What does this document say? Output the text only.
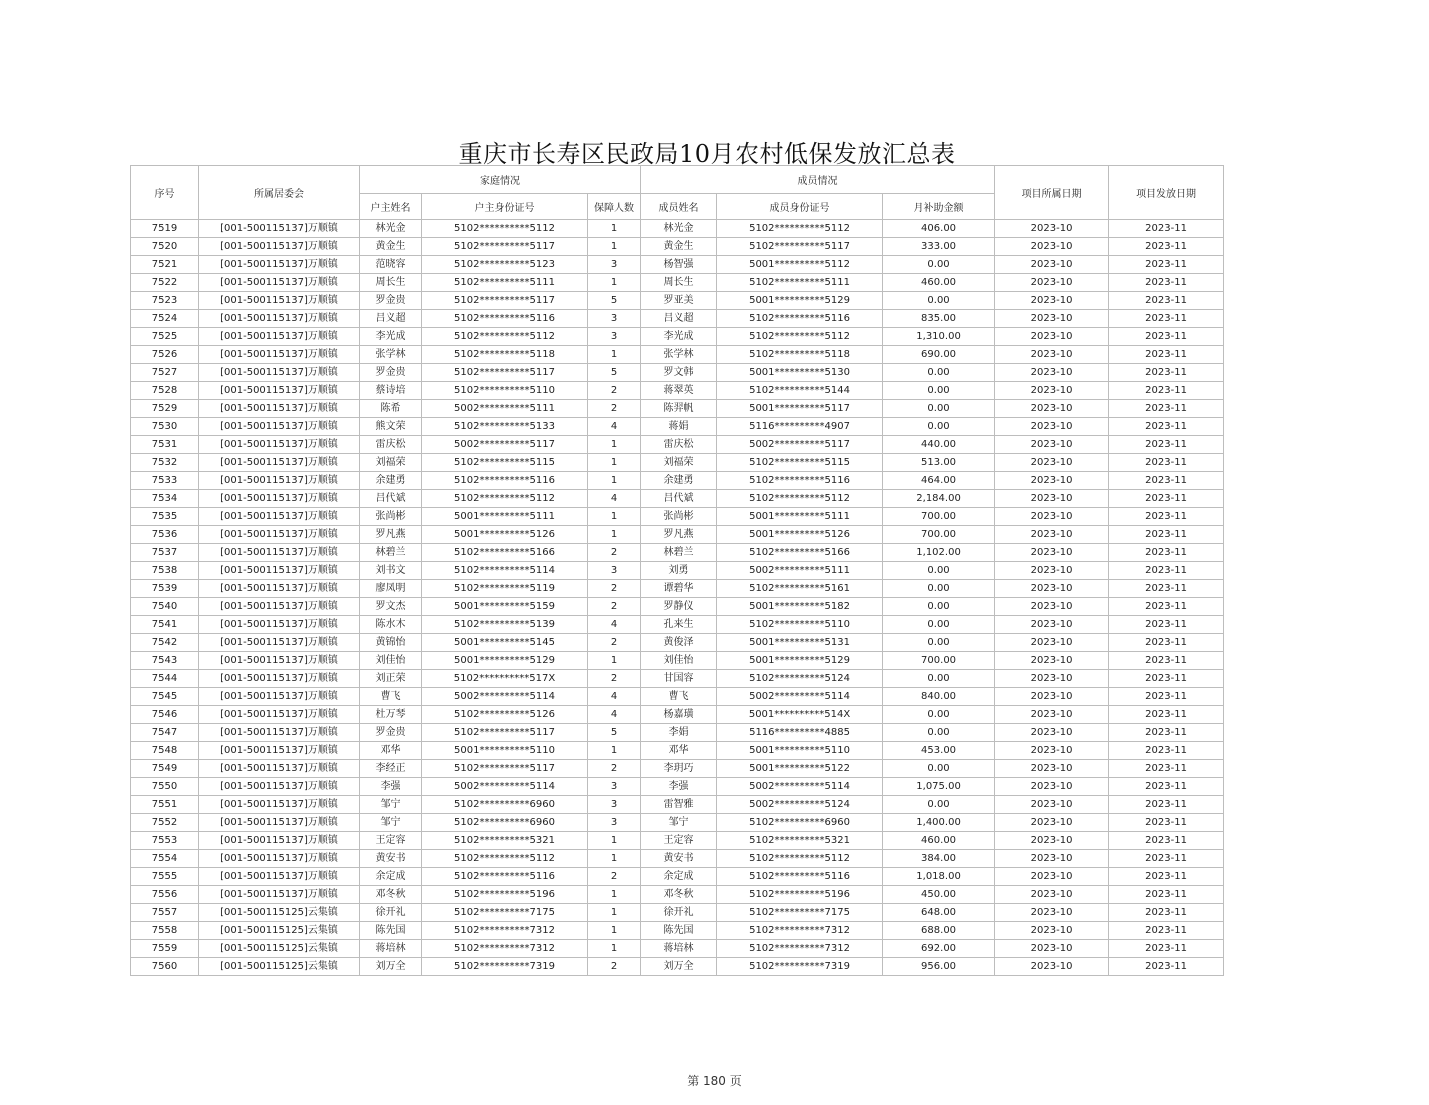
重庆市长寿区民政局10月农村低保发放汇总表
序号	所属居委会	家庭情况			成员情况			项目所属日期	项目发放日期
		户主姓名	户主身份证号	保障人数	成员姓名	成员身份证号	月补助金额		
7519	[001-500115137]万顺镇	林光金	5102**********5112	1	林光金	5102**********5112	406.00	2023-10	2023-11
7520	[001-500115137]万顺镇	黄金生	5102**********5117	1	黄金生	5102**********5117	333.00	2023-10	2023-11
7521	[001-500115137]万顺镇	范晓容	5102**********5123	3	杨智强	5001**********5112	0.00	2023-10	2023-11
7522	[001-500115137]万顺镇	周长生	5102**********5111	1	周长生	5102**********5111	460.00	2023-10	2023-11
7523	[001-500115137]万顺镇	罗金贵	5102**********5117	5	罗亚美	5001**********5129	0.00	2023-10	2023-11
7524	[001-500115137]万顺镇	吕义超	5102**********5116	3	吕义超	5102**********5116	835.00	2023-10	2023-11
7525	[001-500115137]万顺镇	李光成	5102**********5112	3	李光成	5102**********5112	1,310.00	2023-10	2023-11
7526	[001-500115137]万顺镇	张学林	5102**********5118	1	张学林	5102**********5118	690.00	2023-10	2023-11
7527	[001-500115137]万顺镇	罗金贵	5102**********5117	5	罗文韩	5001**********5130	0.00	2023-10	2023-11
7528	[001-500115137]万顺镇	蔡诗培	5102**********5110	2	蒋翠英	5102**********5144	0.00	2023-10	2023-11
7529	[001-500115137]万顺镇	陈希	5002**********5111	2	陈羿帆	5001**********5117	0.00	2023-10	2023-11
7530	[001-500115137]万顺镇	熊文荣	5102**********5133	4	蒋娟	5116**********4907	0.00	2023-10	2023-11
7531	[001-500115137]万顺镇	雷庆松	5002**********5117	1	雷庆松	5002**********5117	440.00	2023-10	2023-11
7532	[001-500115137]万顺镇	刘福荣	5102**********5115	1	刘福荣	5102**********5115	513.00	2023-10	2023-11
7533	[001-500115137]万顺镇	余建勇	5102**********5116	1	余建勇	5102**********5116	464.00	2023-10	2023-11
7534	[001-500115137]万顺镇	吕代斌	5102**********5112	4	吕代斌	5102**********5112	2,184.00	2023-10	2023-11
7535	[001-500115137]万顺镇	张尚彬	5001**********5111	1	张尚彬	5001**********5111	700.00	2023-10	2023-11
7536	[001-500115137]万顺镇	罗凡燕	5001**********5126	1	罗凡燕	5001**********5126	700.00	2023-10	2023-11
7537	[001-500115137]万顺镇	林碧兰	5102**********5166	2	林碧兰	5102**********5166	1,102.00	2023-10	2023-11
7538	[001-500115137]万顺镇	刘书文	5102**********5114	3	刘勇	5002**********5111	0.00	2023-10	2023-11
7539	[001-500115137]万顺镇	廖凤明	5102**********5119	2	谭碧华	5102**********5161	0.00	2023-10	2023-11
7540	[001-500115137]万顺镇	罗文杰	5001**********5159	2	罗静仪	5001**********5182	0.00	2023-10	2023-11
7541	[001-500115137]万顺镇	陈水木	5102**********5139	4	孔来生	5102**********5110	0.00	2023-10	2023-11
7542	[001-500115137]万顺镇	黄锦怡	5001**********5145	2	黄俊泽	5001**********5131	0.00	2023-10	2023-11
7543	[001-500115137]万顺镇	刘佳怡	5001**********5129	1	刘佳怡	5001**********5129	700.00	2023-10	2023-11
7544	[001-500115137]万顺镇	刘正荣	5102**********517X	2	甘国容	5102**********5124	0.00	2023-10	2023-11
7545	[001-500115137]万顺镇	曹飞	5002**********5114	4	曹飞	5002**********5114	840.00	2023-10	2023-11
7546	[001-500115137]万顺镇	杜万琴	5102**********5126	4	杨嘉璜	5001**********514X	0.00	2023-10	2023-11
7547	[001-500115137]万顺镇	罗金贵	5102**********5117	5	李娟	5116**********4885	0.00	2023-10	2023-11
7548	[001-500115137]万顺镇	邓华	5001**********5110	1	邓华	5001**********5110	453.00	2023-10	2023-11
7549	[001-500115137]万顺镇	李经正	5102**********5117	2	李玥巧	5001**********5122	0.00	2023-10	2023-11
7550	[001-500115137]万顺镇	李强	5002**********5114	3	李强	5002**********5114	1,075.00	2023-10	2023-11
7551	[001-500115137]万顺镇	邹宁	5102**********6960	3	雷智雅	5002**********5124	0.00	2023-10	2023-11
7552	[001-500115137]万顺镇	邹宁	5102**********6960	3	邹宁	5102**********6960	1,400.00	2023-10	2023-11
7553	[001-500115137]万顺镇	王定容	5102**********5321	1	王定容	5102**********5321	460.00	2023-10	2023-11
7554	[001-500115137]万顺镇	黄安书	5102**********5112	1	黄安书	5102**********5112	384.00	2023-10	2023-11
7555	[001-500115137]万顺镇	余定成	5102**********5116	2	余定成	5102**********5116	1,018.00	2023-10	2023-11
7556	[001-500115137]万顺镇	邓冬秋	5102**********5196	1	邓冬秋	5102**********5196	450.00	2023-10	2023-11
7557	[001-500115125]云集镇	徐开礼	5102**********7175	1	徐开礼	5102**********7175	648.00	2023-10	2023-11
7558	[001-500115125]云集镇	陈先国	5102**********7312	1	陈先国	5102**********7312	688.00	2023-10	2023-11
7559	[001-500115125]云集镇	蒋培林	5102**********7312	1	蒋培林	5102**********7312	692.00	2023-10	2023-11
7560	[001-500115125]云集镇	刘万全	5102**********7319	2	刘万全	5102**********7319	956.00	2023-10	2023-11
第 180 页
